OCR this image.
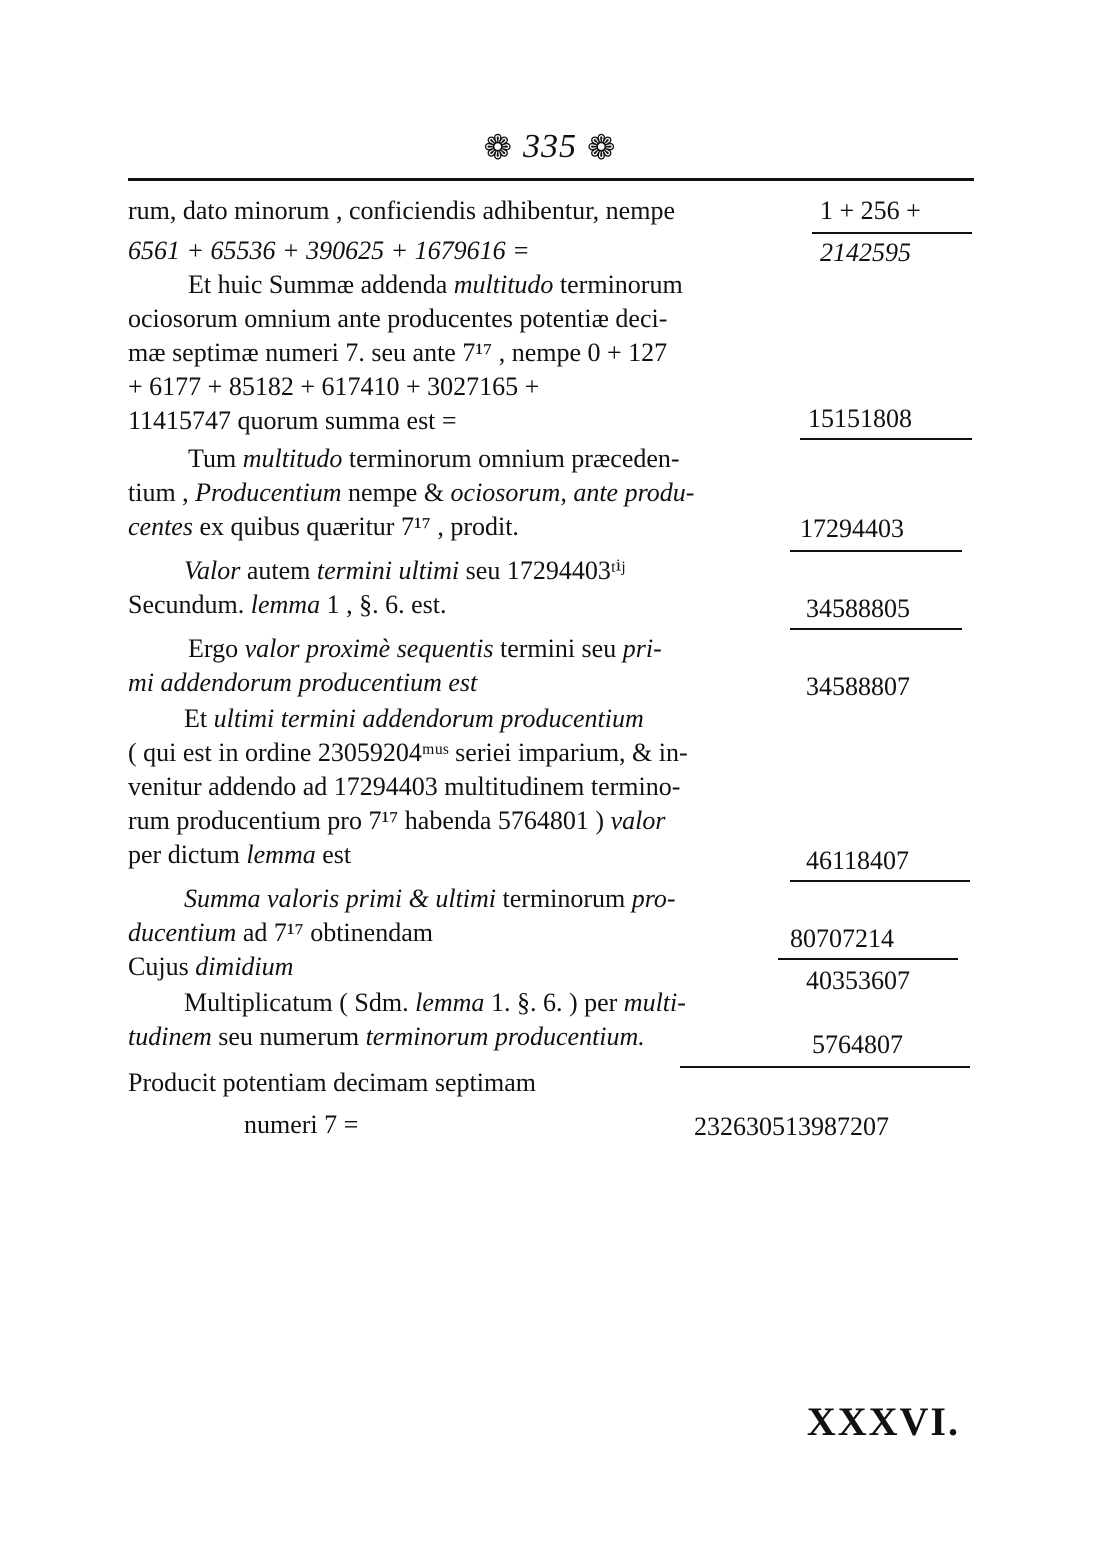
❁ 335 ❁
rum, dato minorum , conficiendis adhibentur, nempe	1 + 256 +
6561 + 65536 + 390625 + 1679616 =	2142595
Et huic Summæ addenda multitudo terminorum
ociosorum omnium ante producentes potentiæ deci-
mæ septimæ numeri 7. seu ante 7¹⁷ , nempe 0 + 127
+ 6177 + 85182 + 617410 + 3027165 +
11415747 quorum summa est =	15151808
Tum multitudo terminorum omnium præceden-
tium , Producentium nempe & ociosorum, ante produ-
centes ex quibus quæritur 7¹⁷ , prodit.	17294403
Valor autem termini ultimi seu 17294403ᵗⁱʲ
Secundum. lemma 1 , §. 6. est.	34588805
Ergo valor proximè sequentis termini seu pri-
mi addendorum producentium est	34588807
Et ultimi termini addendorum producentium
( qui est in ordine 23059204ᵐᵘˢ seriei imparium, & in-
venitur addendo ad 17294403 multitudinem termino-
rum producentium pro 7¹⁷ habenda 5764801 ) valor
per dictum lemma est	46118407
Summa valoris primi & ultimi terminorum pro-
ducentium ad 7¹⁷ obtinendam	80707214
Cujus dimidium	40353607
Multiplicatum ( Sdm. lemma 1. §. 6. ) per multi-
tudinem seu numerum terminorum producentium.	5764807
Producit potentiam decimam septimam
numeri 7 =	232630513987207
XXXVI.
